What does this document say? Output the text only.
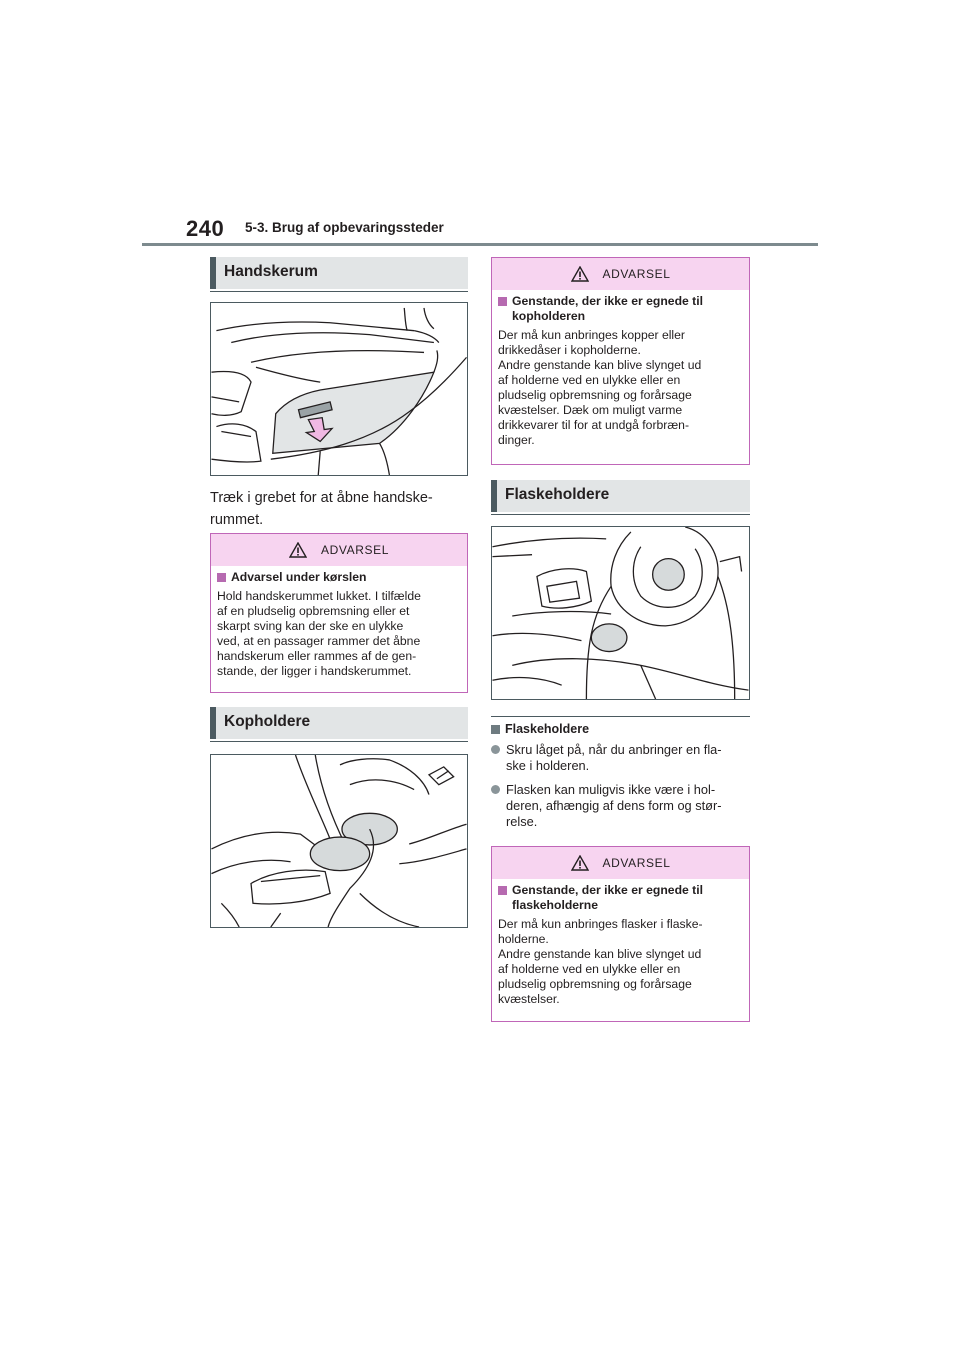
240 5-3. Brug af opbevaringssteder
Handskerum
Træk i grebet for at åbne handske-
rummet.
ADVARSEL
Advarsel under kørslen
Hold handskerummet lukket. I tilfælde
af en pludselig opbremsning eller et
skarpt sving kan der ske en ulykke
ved, at en passager rammer det åbne
handskerum eller rammes af de gen-
stande, der ligger i handskerummet.
Kopholdere
ADVARSEL
Genstande, der ikke er egnede til
kopholderen
Der må kun anbringes kopper eller
drikkedåser i kopholderne.
Andre genstande kan blive slynget ud
af holderne ved en ulykke eller en
pludselig opbremsning og forårsage
kvæstelser. Dæk om muligt varme
drikkevarer til for at undgå forbræn-
dinger.
Flaskeholdere
Flaskeholdere
Skru låget på, når du anbringer en fla-
ske i holderen.
Flasken kan muligvis ikke være i hol-
deren, afhængig af dens form og stør-
relse.
ADVARSEL
Genstande, der ikke er egnede til
flaskeholderne
Der må kun anbringes flasker i flaske-
holderne.
Andre genstande kan blive slynget ud
af holderne ved en ulykke eller en
pludselig opbremsning og forårsage
kvæstelser.
